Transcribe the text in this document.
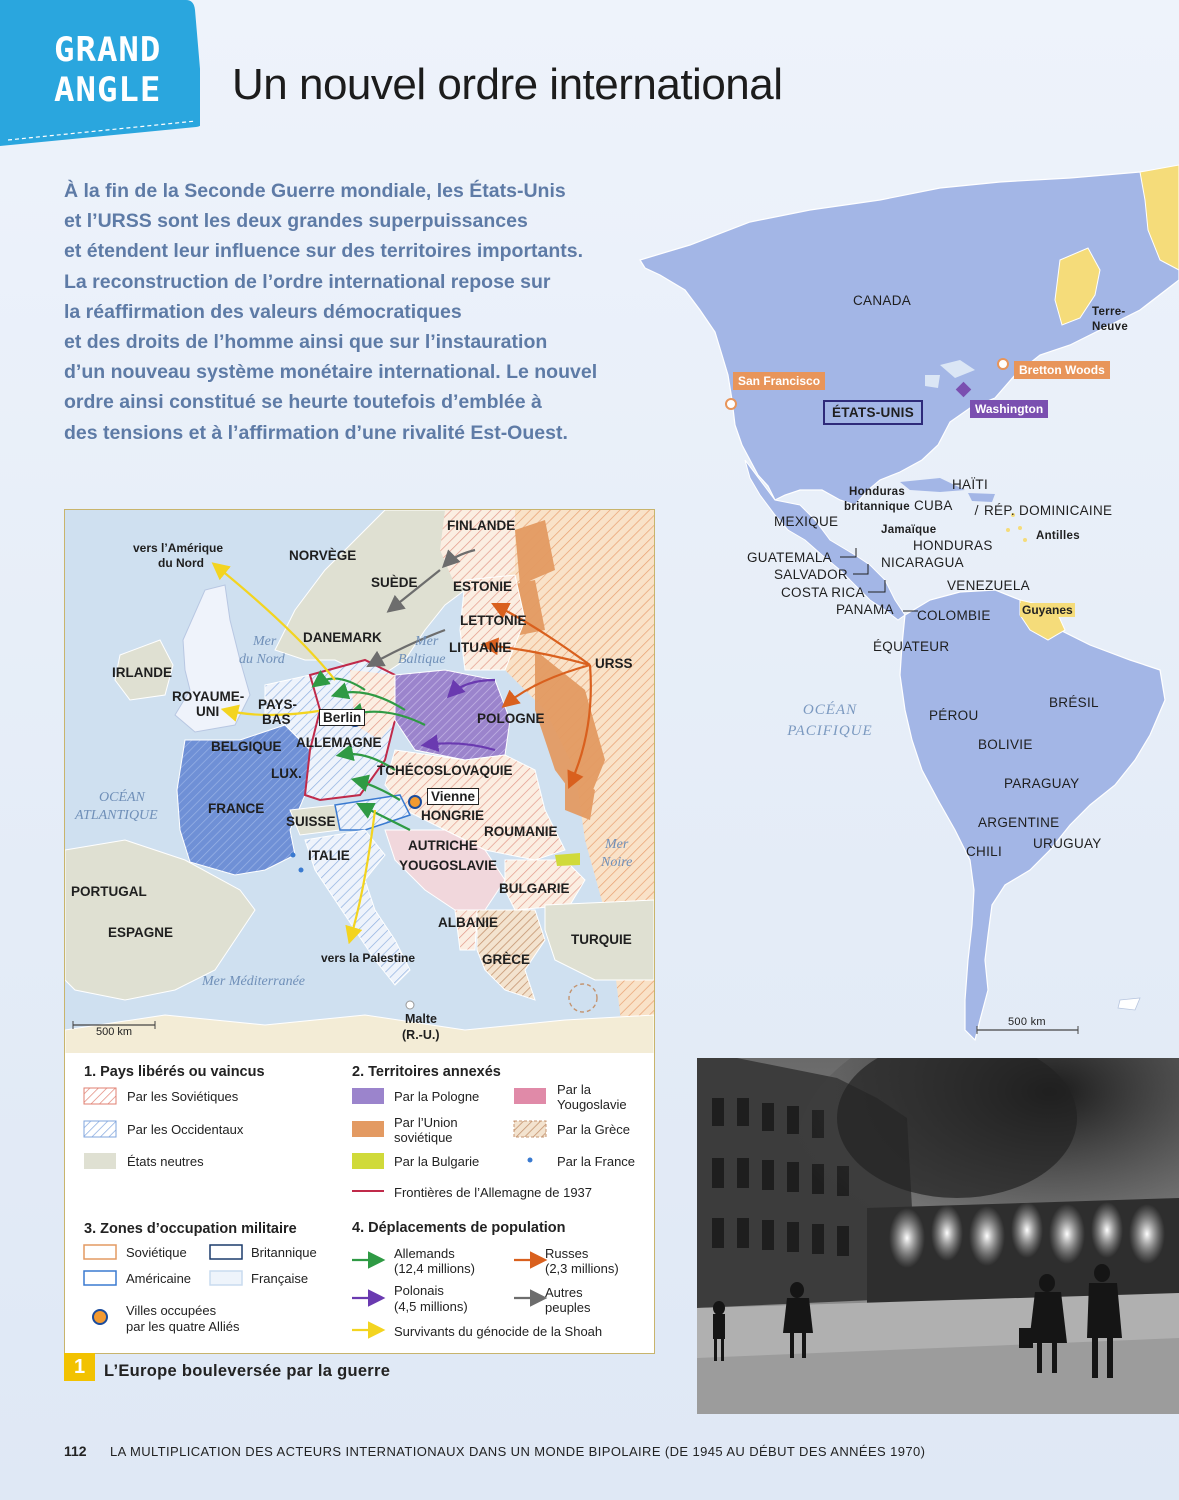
GRAND
ANGLE Un nouvel ordre international
À la fin de la Seconde Guerre mondiale, les États-Unis
et l’URSS sont les deux grandes superpuissances
et étendent leur influence sur des territoires importants.
La reconstruction de l’ordre international repose sur
la réaffirmation des valeurs démocratiques
et des droits de l’homme ainsi que sur l’instauration
d’un nouveau système monétaire international. Le nouvel
ordre ainsi constitué se heurte toutefois d’emblée à
des tensions et à l’affirmation d’une rivalité Est-Ouest.
CANADA
Terre-
Neuve
San Francisco
Bretton Woods
Washington
ÉTATS-UNIS
HAÏTI
Honduras
britannique CUBA RÉP. DOMINICAINE
MEXIQUE
Jamaïque
HONDURAS
Antilles
GUATEMALA	NICARAGUA
SALVADOR
VENEZUELA
COSTA RICA
Guyanes
PANAMA COLOMBIE
ÉQUATEUR
OCÉAN
PACIFIQUE
BRÉSIL
PÉROU
BOLIVIE
PARAGUAY
ARGENTINE
URUGUAY
CHILI
500 km
FINLANDE
vers l’Amérique
du Nord	NORVÈGE
SUÈDE	ESTONIE
LETTONIE
Mer
du Nord
DANEMARK Mer
Baltique
LITUANIE
URSS
IRLANDE
ROYAUME-
UNI	PAYS-
BAS Berlin	POLOGNE
BELGIQUE ALLEMAGNE
LUX.	TCHÉCOSLOVAQUIE
OCÉAN
ATLANTIQUE	FRANCE
Vienne
HONGRIE
SUISSE
ROUMANIE
AUTRICHE	Mer
Noire
ITALIE
YOUGOSLAVIE
PORTUGAL	BULGARIE
ESPAGNE
ALBANIE
TURQUIE
vers la Palestine	GRÈCE
Mer Méditerranée
500 km
Malte
(R.-U.)
1. Pays libérés ou vaincus
Par les Soviétiques
Par les Occidentaux
États neutres
2. Territoires annexés
Par la Pologne
Par l’Union
soviétique
Par la Bulgarie
Par la
Yougoslavie
Par la Grèce
Par la France
Frontières de l’Allemagne de 1937
3. Zones d’occupation militaire
Soviétique	Britannique
Américaine	Française
Villes occupées
par les quatre Alliés
4. Déplacements de population
Allemands
(12,4 millions)
Russes
(2,3 millions)
Polonais
(4,5 millions)
Autres
peuples
Survivants du génocide de la Shoah
1	L’Europe bouleversée par la guerre
112 LA MULTIPLICATION DES ACTEURS INTERNATIONAUX DANS UN MONDE BIPOLAIRE (DE 1945 AU DÉBUT DES ANNÉES 1970)
